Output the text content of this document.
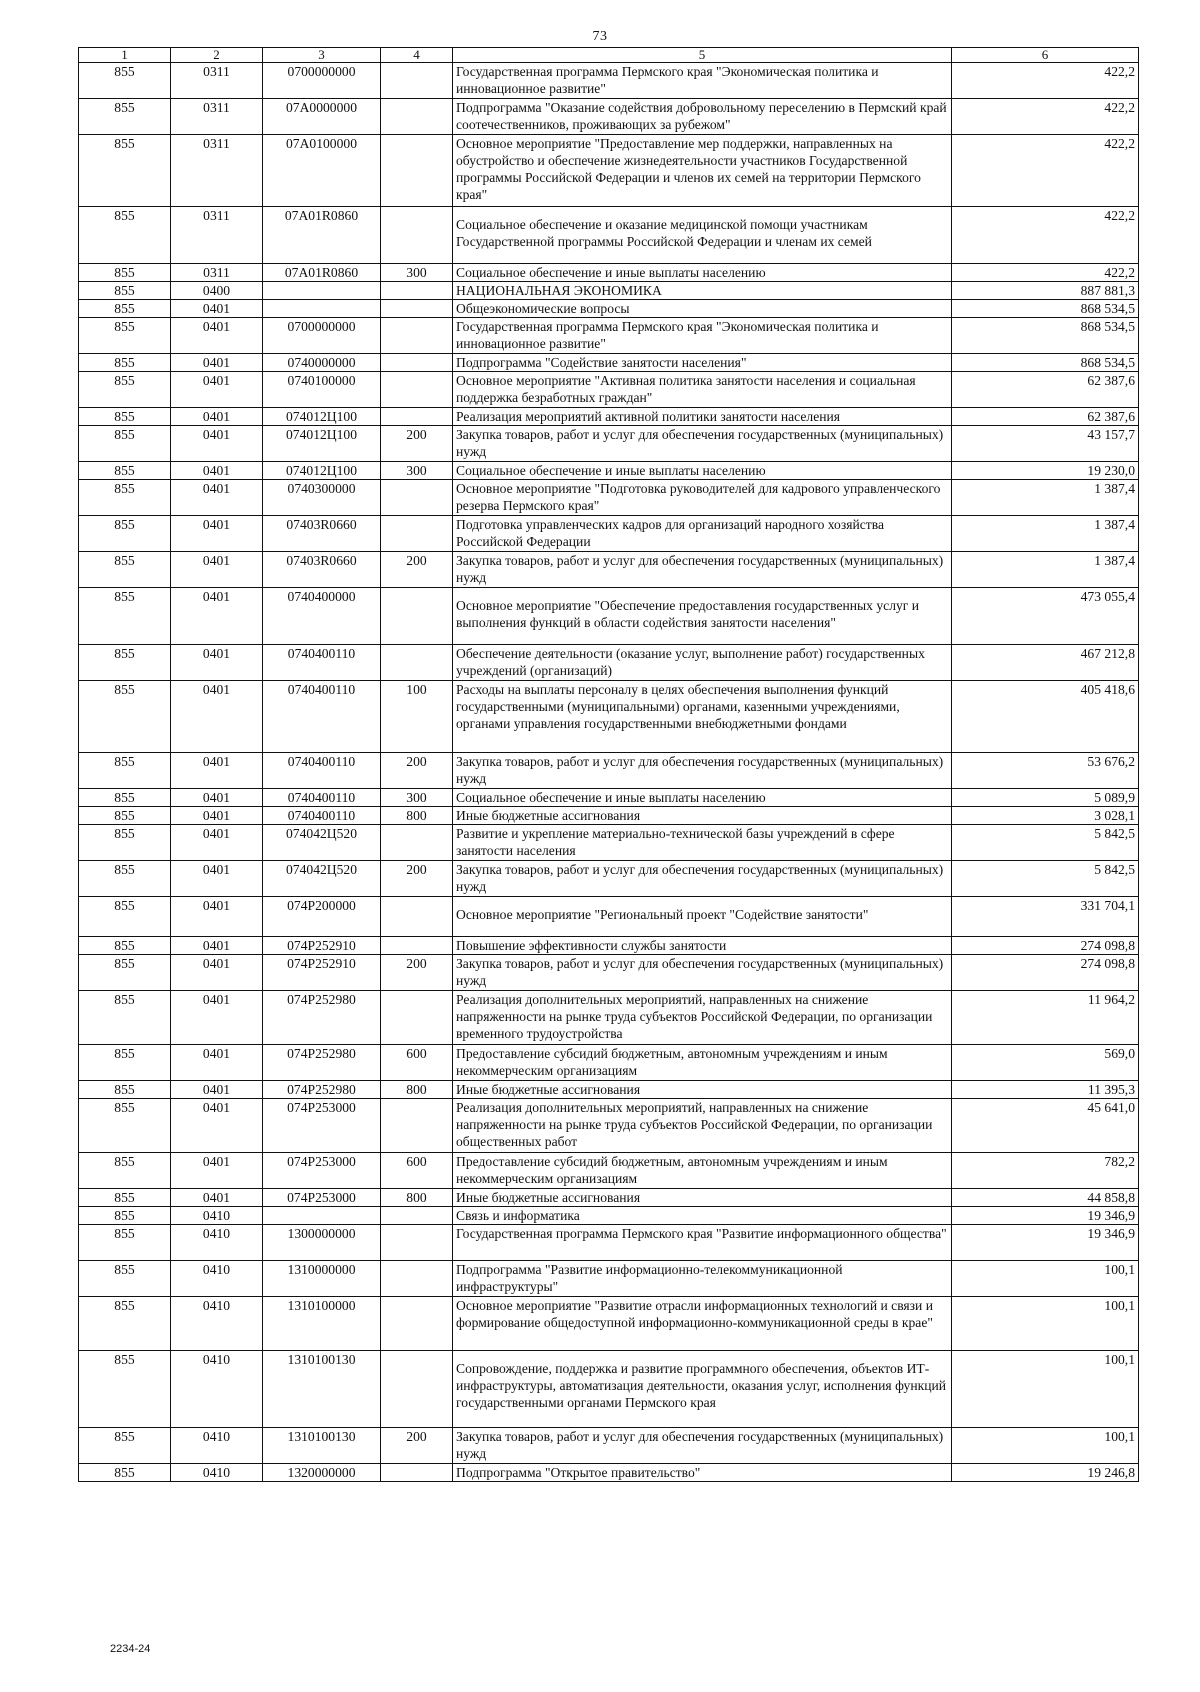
73
1	2	3	4	5	6
855	0311	0700000000		Государственная программа Пермского края "Экономическая политика и инновационное развитие"	422,2
855	0311	07А0000000		Подпрограмма "Оказание содействия добровольному переселению в Пермский край соотечественников, проживающих за рубежом"	422,2
855	0311	07А0100000		Основное мероприятие "Предоставление мер поддержки, направленных на обустройство и обеспечение жизнедеятельности участников Государственной программы Российской Федерации и членов их семей на территории Пермского края"	422,2
855	0311	07А01R0860		Социальное обеспечение и оказание медицинской помощи участникам Государственной программы Российской Федерации и членам их семей	422,2
855	0311	07А01R0860	300	Социальное обеспечение и иные выплаты населению	422,2
855	0400			НАЦИОНАЛЬНАЯ ЭКОНОМИКА	887 881,3
855	0401			Общеэкономические вопросы	868 534,5
855	0401	0700000000		Государственная программа Пермского края "Экономическая политика и инновационное развитие"	868 534,5
855	0401	0740000000		Подпрограмма "Содействие занятости населения"	868 534,5
855	0401	0740100000		Основное мероприятие "Активная политика занятости населения и социальная поддержка безработных граждан"	62 387,6
855	0401	074012Ц100		Реализация мероприятий активной политики занятости населения	62 387,6
855	0401	074012Ц100	200	Закупка товаров, работ и услуг для обеспечения государственных (муниципальных) нужд	43 157,7
855	0401	074012Ц100	300	Социальное обеспечение и иные выплаты населению	19 230,0
855	0401	0740300000		Основное мероприятие "Подготовка руководителей для кадрового управленческого резерва Пермского края"	1 387,4
855	0401	07403R0660		Подготовка управленческих кадров для организаций народного хозяйства Российской Федерации	1 387,4
855	0401	07403R0660	200	Закупка товаров, работ и услуг для обеспечения государственных (муниципальных) нужд	1 387,4
855	0401	0740400000		Основное мероприятие "Обеспечение предоставления государственных услуг и выполнения функций в области содействия занятости населения"	473 055,4
855	0401	0740400110		Обеспечение деятельности (оказание услуг, выполнение работ) государственных учреждений (организаций)	467 212,8
855	0401	0740400110	100	Расходы на выплаты персоналу в целях обеспечения выполнения функций государственными (муниципальными) органами, казенными учреждениями, органами управления государственными внебюджетными фондами	405 418,6
855	0401	0740400110	200	Закупка товаров, работ и услуг для обеспечения государственных (муниципальных) нужд	53 676,2
855	0401	0740400110	300	Социальное обеспечение и иные выплаты населению	5 089,9
855	0401	0740400110	800	Иные бюджетные ассигнования	3 028,1
855	0401	074042Ц520		Развитие и укрепление материально-технической базы учреждений в сфере занятости населения	5 842,5
855	0401	074042Ц520	200	Закупка товаров, работ и услуг для обеспечения государственных (муниципальных) нужд	5 842,5
855	0401	074P200000		Основное мероприятие "Региональный проект "Содействие занятости"	331 704,1
855	0401	074P252910		Повышение эффективности службы занятости	274 098,8
855	0401	074P252910	200	Закупка товаров, работ и услуг для обеспечения государственных (муниципальных) нужд	274 098,8
855	0401	074P252980		Реализация дополнительных мероприятий, направленных на снижение напряженности на рынке труда субъектов Российской Федерации, по организации временного трудоустройства	11 964,2
855	0401	074P252980	600	Предоставление субсидий бюджетным, автономным учреждениям и иным некоммерческим организациям	569,0
855	0401	074P252980	800	Иные бюджетные ассигнования	11 395,3
855	0401	074P253000		Реализация дополнительных мероприятий, направленных на снижение напряженности на рынке труда субъектов Российской Федерации, по организации общественных работ	45 641,0
855	0401	074P253000	600	Предоставление субсидий бюджетным, автономным учреждениям и иным некоммерческим организациям	782,2
855	0401	074P253000	800	Иные бюджетные ассигнования	44 858,8
855	0410			Связь и информатика	19 346,9
855	0410	1300000000		Государственная программа Пермского края "Развитие информационного общества"	19 346,9
855	0410	1310000000		Подпрограмма "Развитие информационно-телекоммуникационной инфраструктуры"	100,1
855	0410	1310100000		Основное мероприятие "Развитие отрасли информационных технологий и связи и формирование общедоступной информационно-коммуникационной среды в крае"	100,1
855	0410	1310100130		Сопровождение, поддержка и развитие программного обеспечения, объектов ИТ-инфраструктуры, автоматизация деятельности, оказания услуг, исполнения функций государственными органами Пермского края	100,1
855	0410	1310100130	200	Закупка товаров, работ и услуг для обеспечения государственных (муниципальных) нужд	100,1
855	0410	1320000000		Подпрограмма "Открытое правительство"	19 246,8
2234-24
